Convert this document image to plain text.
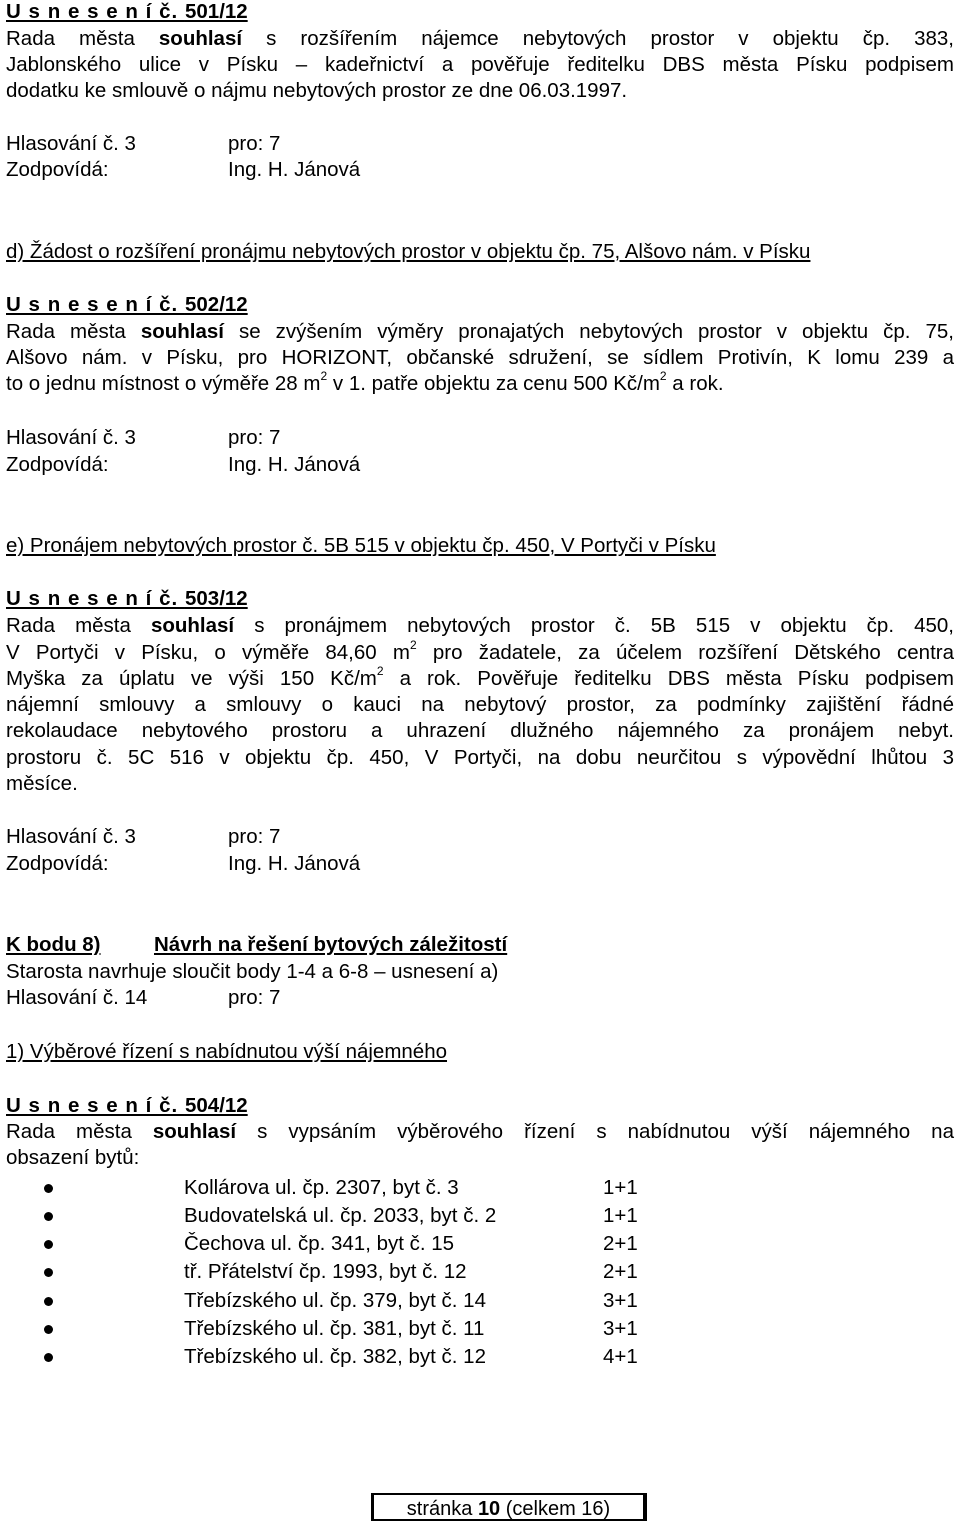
U s n e s e n í č. 501/12
Rada města souhlasí s rozšířením nájemce nebytových prostor v objektu čp. 383,
Jablonského ulice v Písku – kadeřnictví a pověřuje ředitelku DBS města Písku podpisem
dodatku ke smlouvě o nájmu nebytových prostor ze dne 06.03.1997.
Hlasování č. 3	pro: 7
Zodpovídá:	Ing. H. Jánová
d) Žádost o rozšíření pronájmu nebytových prostor v objektu čp. 75, Alšovo nám. v Písku
U s n e s e n í č. 502/12
Rada města souhlasí se zvýšením výměry pronajatých nebytových prostor v objektu čp. 75,
Alšovo nám. v Písku, pro HORIZONT, občanské sdružení, se sídlem Protivín, K lomu 239 a
to o jednu místnost o výměře 28 $m^2$ v 1. patře objektu za cenu 500 $Kč/m^2$ a rok.
Hlasování č. 3	pro: 7
Zodpovídá:	Ing. H. Jánová
e) Pronájem nebytových prostor č. 5B 515 v objektu čp. 450, V Portyči v Písku
U s n e s e n í č. 503/12
Rada města souhlasí s pronájmem nebytových prostor č. 5B 515 v objektu čp. 450,
V Portyči v Písku, o výměře 84,60 $m^2$ pro žadatele, za účelem rozšíření Dětského centra
Myška za úplatu ve výši 150 $Kč/m^2$ a rok. Pověřuje ředitelku DBS města Písku podpisem
nájemní smlouvy a smlouvy o kauci na nebytový prostor, za podmínky zajištění řádné
rekolaudace nebytového prostoru a uhrazení dlužného nájemného za pronájem nebyt.
prostoru č. 5C 516 v objektu čp. 450, V Portyči, na dobu neurčitou s výpovědní lhůtou 3
měsíce.
Hlasování č. 3	pro: 7
Zodpovídá:	Ing. H. Jánová
K bodu 8)	Návrh na řešení bytových záležitostí
Starosta navrhuje sloučit body 1-4 a 6-8 – usnesení a)
Hlasování č. 14	pro: 7
1) Výběrové řízení s nabídnutou výší nájemného
U s n e s e n í č. 504/12
Rada města souhlasí s vypsáním výběrového řízení s nabídnutou výší nájemného na
obsazení bytů:
Kollárova ul. čp. 2307, byt č. 3	1+1
Budovatelská ul. čp. 2033, byt č. 2	1+1
Čechova ul. čp. 341, byt č. 15	2+1
tř. Přátelství čp. 1993, byt č. 12	2+1
Třebízského ul. čp. 379, byt č. 14	3+1
Třebízského ul. čp. 381, byt č. 11	3+1
Třebízského ul. čp. 382, byt č. 12	4+1
stránka 10 (celkem 16)
